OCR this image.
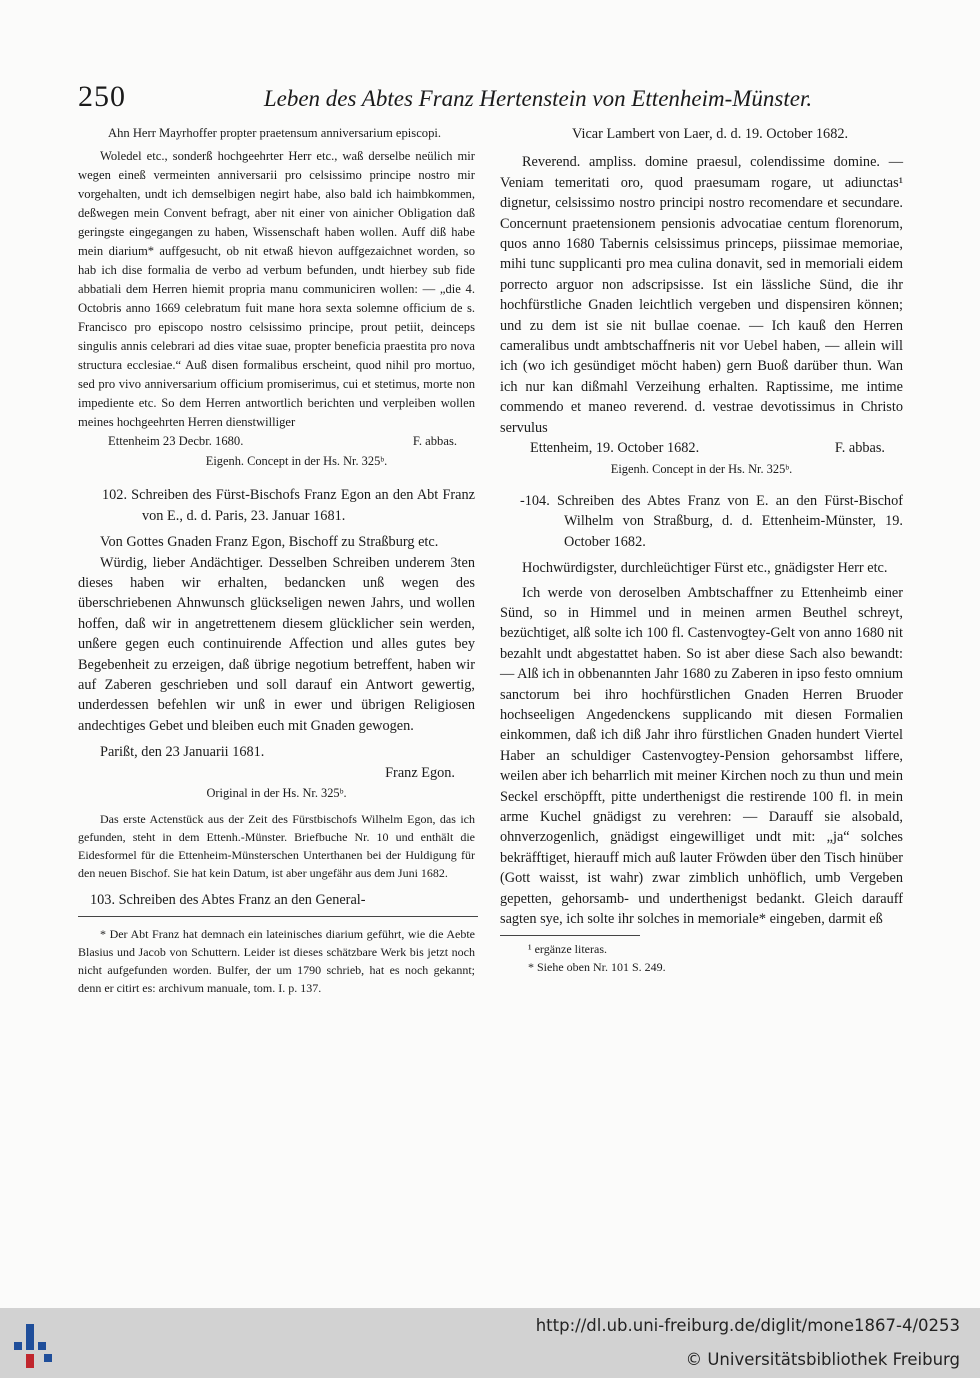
250	Leben des Abtes Franz Hertenstein von Ettenheim-Münster.

Ahn Herr Mayrhoffer propter praetensum anniversarium episcopi.

Woledel etc., sonderß hochgeehrter Herr etc., waß derselbe neülich mir wegen eineß vermeinten anniversarii pro celsissimo principe nostro mir vorgehalten, undt ich demselbigen negirt habe, also bald ich haimbkommen, deßwegen mein Convent befragt, aber nit einer von ainicher Obligation daß geringste eingegangen zu haben, Wissenschaft haben wollen. Auff diß habe mein diarium* auffgesucht, ob nit etwaß hievon auffgezaichnet worden, so hab ich dise formalia de verbo ad verbum befunden, undt hierbey sub fide abbatiali dem Herren hiemit propria manu communiciren wollen: — „die 4. Octobris anno 1669 celebratum fuit mane hora sexta solemne officium de s. Francisco pro episcopo nostro celsissimo principe, prout petiit, deinceps singulis annis celebrari ad dies vitae suae, propter beneficia praestita pro nova structura ecclesiae.“ Auß disen formalibus erscheint, quod nihil pro mortuo, sed pro vivo anniversarium officium promiserimus, cui et stetimus, morte non impediente etc. So dem Herren antwortlich berichten und verpleiben wollen meines hochgeehrten Herren dienstwilliger

Ettenheim 23 Decbr. 1680.	F. abbas.

Eigenh. Concept in der Hs. Nr. 325ᵇ.

102. Schreiben des Fürst-Bischofs Franz Egon an den Abt Franz von E., d. d. Paris, 23. Januar 1681.

Von Gottes Gnaden Franz Egon, Bischoff zu Straßburg etc.

Würdig, lieber Andächtiger. Desselben Schreiben underem 3ten dieses haben wir erhalten, bedancken unß wegen des überschriebenen Ahnwunsch glückseligen newen Jahrs, und wollen hoffen, daß wir in angetrettenem diesem glücklicher sein werden, unßere gegen euch continuirende Affection und alles gutes bey Begebenheit zu erzeigen, daß übrige negotium betreffent, haben wir auf Zaberen geschrieben und soll darauf ein Antwort gewertig, underdessen befehlen wir unß in ewer und übrigen Religiosen andechtiges Gebet und bleiben euch mit Gnaden gewogen.

Parißt, den 23 Januarii 1681.

Franz Egon.

Original in der Hs. Nr. 325ᵇ.

Das erste Actenstück aus der Zeit des Fürstbischofs Wilhelm Egon, das ich gefunden, steht in dem Ettenh.-Münster. Briefbuche Nr. 10 und enthält die Eidesformel für die Ettenheim-Münsterschen Unterthanen bei der Huldigung für den neuen Bischof. Sie hat kein Datum, ist aber ungefähr aus dem Juni 1682.

103. Schreiben des Abtes Franz an den General-

* Der Abt Franz hat demnach ein lateinisches diarium geführt, wie die Aebte Blasius und Jacob von Schuttern. Leider ist dieses schätzbare Werk bis jetzt noch nicht aufgefunden worden. Bulfer, der um 1790 schrieb, hat es noch gekannt; denn er citirt es: archivum manuale, tom. I. p. 137.

Vicar Lambert von Laer, d. d. 19. October 1682.

Reverend. ampliss. domine praesul, colendissime domine. — Veniam temeritati oro, quod praesumam rogare, ut adiunctas¹ dignetur, celsissimo nostro principi nostro recomendare et secundare. Concernunt praetensionem pensionis advocatiae centum florenorum, quos anno 1680 Tabernis celsissimus princeps, piissimae memoriae, mihi tunc supplicanti pro mea culina donavit, sed in memoriali eidem porrecto arguor non adscripsisse. Ist ein lässliche Sünd, die ihr hochfürstliche Gnaden leichtlich vergeben und dispensiren können; und zu dem ist sie nit bullae coenae. — Ich kauß den Herren cameralibus undt ambtschaffneris nit vor Uebel haben, — allein will ich (wo ich gesündiget möcht haben) gern Buoß darüber thun. Wan ich nur kan dißmahl Verzeihung erhalten. Raptissime, me intime commendo et maneo reverend. d. vestrae devotissimus in Christo servulus

Ettenheim, 19. October 1682.	F. abbas.

Eigenh. Concept in der Hs. Nr. 325ᵇ.

-104. Schreiben des Abtes Franz von E. an den Fürst-Bischof Wilhelm von Straßburg, d. d. Ettenheim-Münster, 19. October 1682.

Hochwürdigster, durchleüchtiger Fürst etc., gnädigster Herr etc.

Ich werde von deroselben Ambtschaffner zu Ettenheimb einer Sünd, so in Himmel und in meinen armen Beuthel schreyt, bezüchtiget, alß solte ich 100 fl. Castenvogtey-Gelt von anno 1680 nit bezahlt undt abgestattet haben. So ist aber diese Sach also bewandt: — Alß ich in obbenannten Jahr 1680 zu Zaberen in ipso festo omnium sanctorum bei ihro hochfürstlichen Gnaden Herren Bruoder hochseeligen Angedenckens supplicando mit diesen Formalien einkommen, daß ich diß Jahr ihro fürstlichen Gnaden hundert Viertel Haber an schuldiger Castenvogtey-Pension gehorsambst liffere, weilen aber ich beharrlich mit meiner Kirchen noch zu thun und mein Seckel erschöpfft, pitte underthenigst die restirende 100 fl. in mein arme Kuchel gnädigst zu verehren: — Darauff sie alsobald, ohnverzogenlich, gnädigst eingewilliget undt mit: „ja“ solches bekräfftiget, hierauff mich auß lauter Fröwden über den Tisch hinüber (Gott waisst, ist wahr) zwar zimblich unhöflich, umb Vergeben gepetten, gehorsamb- und underthenigst bedankt. Gleich darauff sagten sye, ich solte ihr solches in memoriale* eingeben, darmit eß

¹ ergänze literas.

* Siehe oben Nr. 101 S. 249.

http://dl.ub.uni-freiburg.de/diglit/mone1867-4/0253
© Universitätsbibliothek Freiburg
